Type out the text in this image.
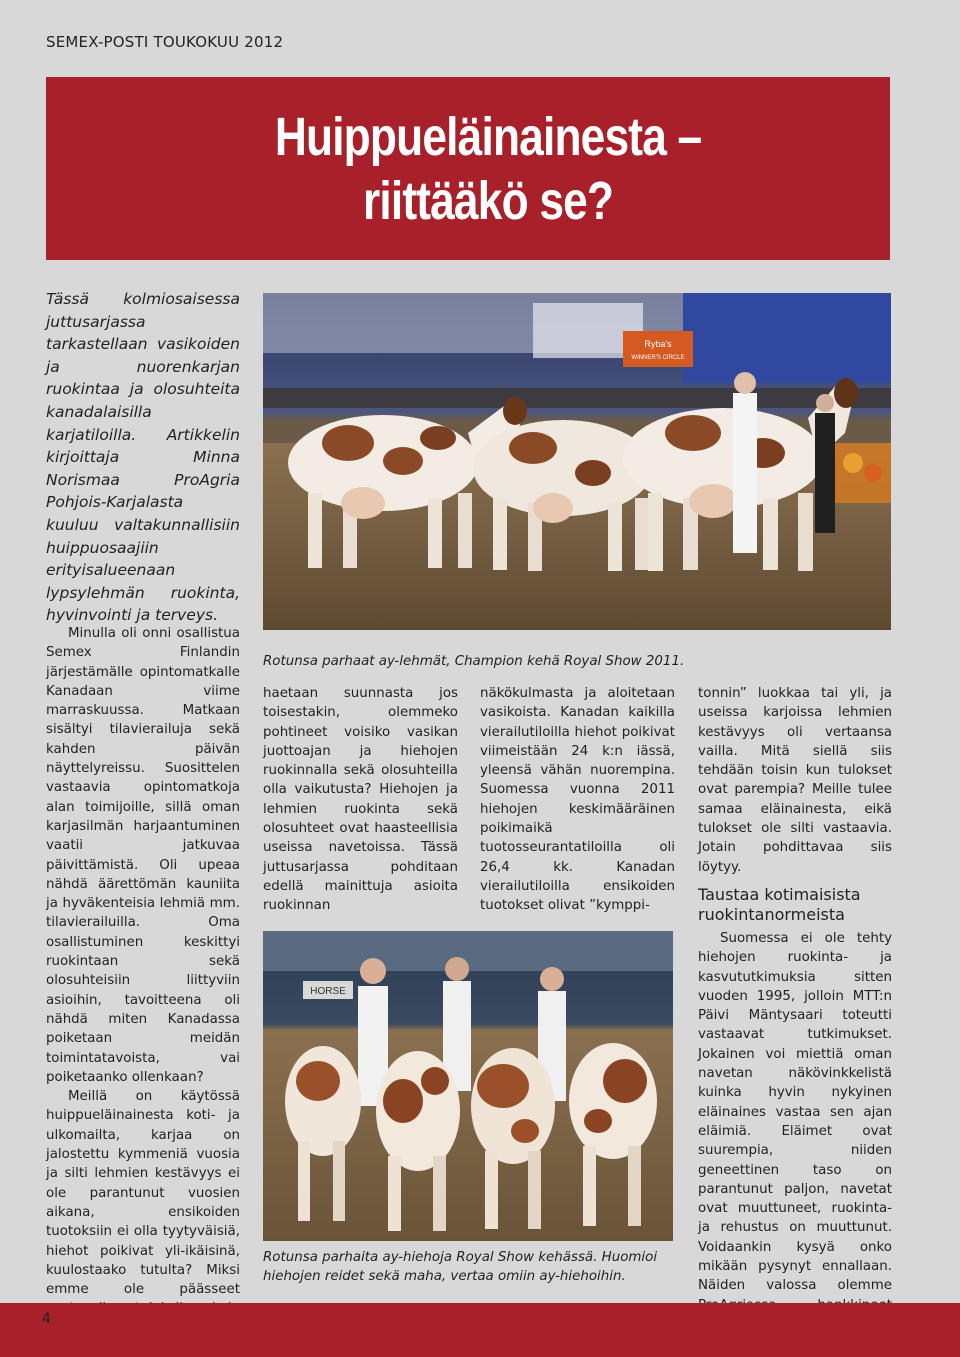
SEMEX-POSTI TOUKOKUU 2012
Huippueläinainesta –
riittääkö se?
Tässä kolmiosaisessa juttusarjassa tarkastellaan vasikoiden ja nuorenkarjan ruokintaa ja olosuhteita kanadalaisilla karjatiloilla. Artikkelin kirjoittaja Minna Norismaa ProAgria Pohjois-Karjalasta kuuluu valtakunnallisiin huippuosaajiin erityisalueenaan lypsylehmän ruokinta, hyvinvointi ja terveys.
Ryba's
WINNER'S CIRCLE
Rotunsa parhaat ay-lehmät, Champion kehä Royal Show 2011.

Minulla oli onni osallistua Semex Finlandin järjestämälle opintomatkalle Kanadaan viime marraskuussa. Matkaan sisältyi tilavierailuja sekä kahden päivän näyttelyreissu. Suosittelen vastaavia opintomatkoja alan toimijoille, sillä oman karjasilmän harjaantuminen vaatii jatkuvaa päivittämistä. Oli upeaa nähdä äärettömän kauniita ja hyväkenteisia lehmiä mm. tilavierailuilla. Oma osallistuminen keskittyi ruokintaan sekä olosuhteisiin liittyviin asioihin, tavoitteena oli nähdä miten Kanadassa poiketaan meidän toimintatavoista, vai poiketaanko ollenkaan?

Meillä on käytössä huippueläinainesta koti- ja ulkomailta, karjaa on jalostettu kymmeniä vuosia ja silti lehmien kestävyys ei ole parantunut vuosien aikana, ensikoiden tuotoksiin ei olla tyytyväisiä, hiehot poikivat yli-ikäisinä, kuulostaako tutulta? Miksi emme ole päässeet

haetaan suunnasta jos toisestakin, olemmeko pohtineet voisiko vasikan juottoajan ja hiehojen ruokinnalla sekä olosuhteilla olla vaikutusta? Hiehojen ja lehmien ruokinta sekä olosuhteet ovat haasteellisia useissa navetoissa. Tässä juttusarjassa pohditaan edellä mainittuja asioita ruokinnan

näkökulmasta ja aloitetaan vasikoista. Kanadan kaikilla vierailutiloilla hiehot poikivat viimeistään 24 k:n iässä, yleensä vähän nuorempina. Suomessa vuonna 2011 hiehojen keskimääräinen poikimaikä tuotosseurantatiloilla oli 26,4 kk. Kanadan vierailutiloilla ensikoiden tuotokset olivat ”kymppi-

tonnin” luokkaa tai yli, ja useissa karjoissa lehmien kestävyys oli vertaansa vailla. Mitä siellä siis tehdään toisin kun tulokset ovat parempia? Meille tulee samaa eläinainesta, eikä tulokset ole silti vastaavia. Jotain pohdittavaa siis löytyy.

Taustaa kotimaisista ruokintanormeista

Suomessa ei ole tehty hiehojen ruokinta- ja kasvututkimuksia sitten vuoden 1995, jolloin MTT:n Päivi Mäntysaari toteutti vastaavat tutkimukset. Jokainen voi miettiä oman navetan näkövinkkelistä kuinka hyvin nykyinen eläinaines vastaa sen ajan eläimiä. Eläimet ovat suurempia, niiden geneettinen taso on parantunut paljon, navetat ovat muuttuneet, ruokinta- ja rehustus on muuttunut. Voidaankin kysyä onko mikään pysynyt ennallaan. Näiden valossa olemme

HORSE
Rotunsa parhaita ay-hiehoja Royal Show kehässä. Huomioi hiehojen reidet sekä maha, vertaa omiin ay-hiehoihin.
4
